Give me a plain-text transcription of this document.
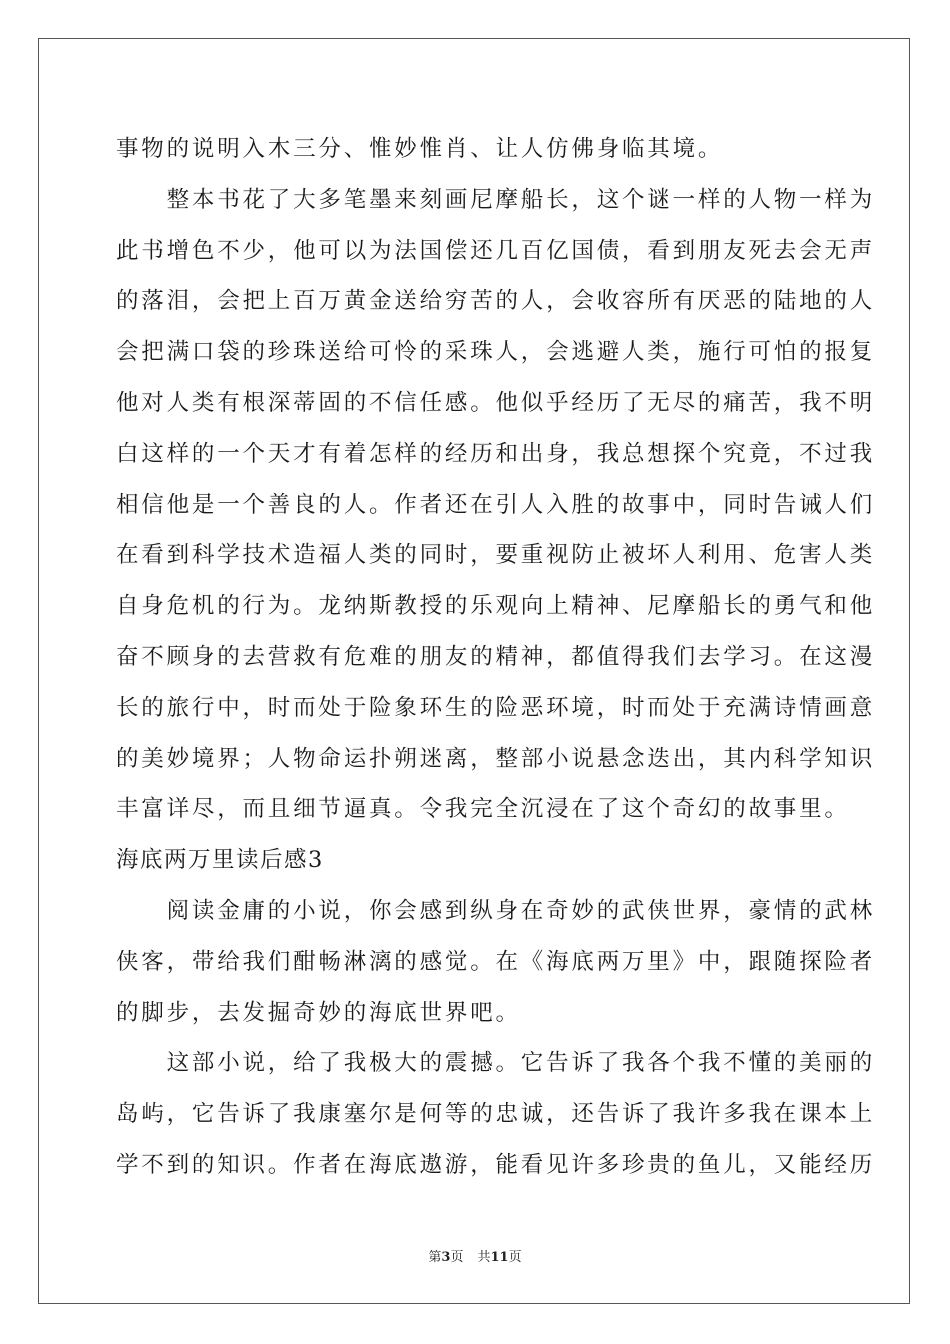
事物的说明入木三分、惟妙惟肖、让人仿佛身临其境。
　　整本书花了大多笔墨来刻画尼摩船长，这个谜一样的人物一样为
此书增色不少，他可以为法国偿还几百亿国债，看到朋友死去会无声
的落泪，会把上百万黄金送给穷苦的人，会收容所有厌恶的陆地的人
会把满口袋的珍珠送给可怜的采珠人，会逃避人类，施行可怕的报复
他对人类有根深蒂固的不信任感。他似乎经历了无尽的痛苦，我不明
白这样的一个天才有着怎样的经历和出身，我总想探个究竟，不过我
相信他是一个善良的人。作者还在引人入胜的故事中，同时告诫人们
在看到科学技术造福人类的同时，要重视防止被坏人利用、危害人类
自身危机的行为。龙纳斯教授的乐观向上精神、尼摩船长的勇气和他
奋不顾身的去营救有危难的朋友的精神，都值得我们去学习。在这漫
长的旅行中，时而处于险象环生的险恶环境，时而处于充满诗情画意
的美妙境界；人物命运扑朔迷离，整部小说悬念迭出，其内科学知识
丰富详尽，而且细节逼真。令我完全沉浸在了这个奇幻的故事里。
海底两万里读后感3
　　阅读金庸的小说，你会感到纵身在奇妙的武侠世界，豪情的武林
侠客，带给我们酣畅淋漓的感觉。在《海底两万里》中，跟随探险者
的脚步，去发掘奇妙的海底世界吧。
　　这部小说，给了我极大的震撼。它告诉了我各个我不懂的美丽的
岛屿，它告诉了我康塞尔是何等的忠诚，还告诉了我许多我在课本上
学不到的知识。作者在海底遨游，能看见许多珍贵的鱼儿，又能经历
第3页 共11页
